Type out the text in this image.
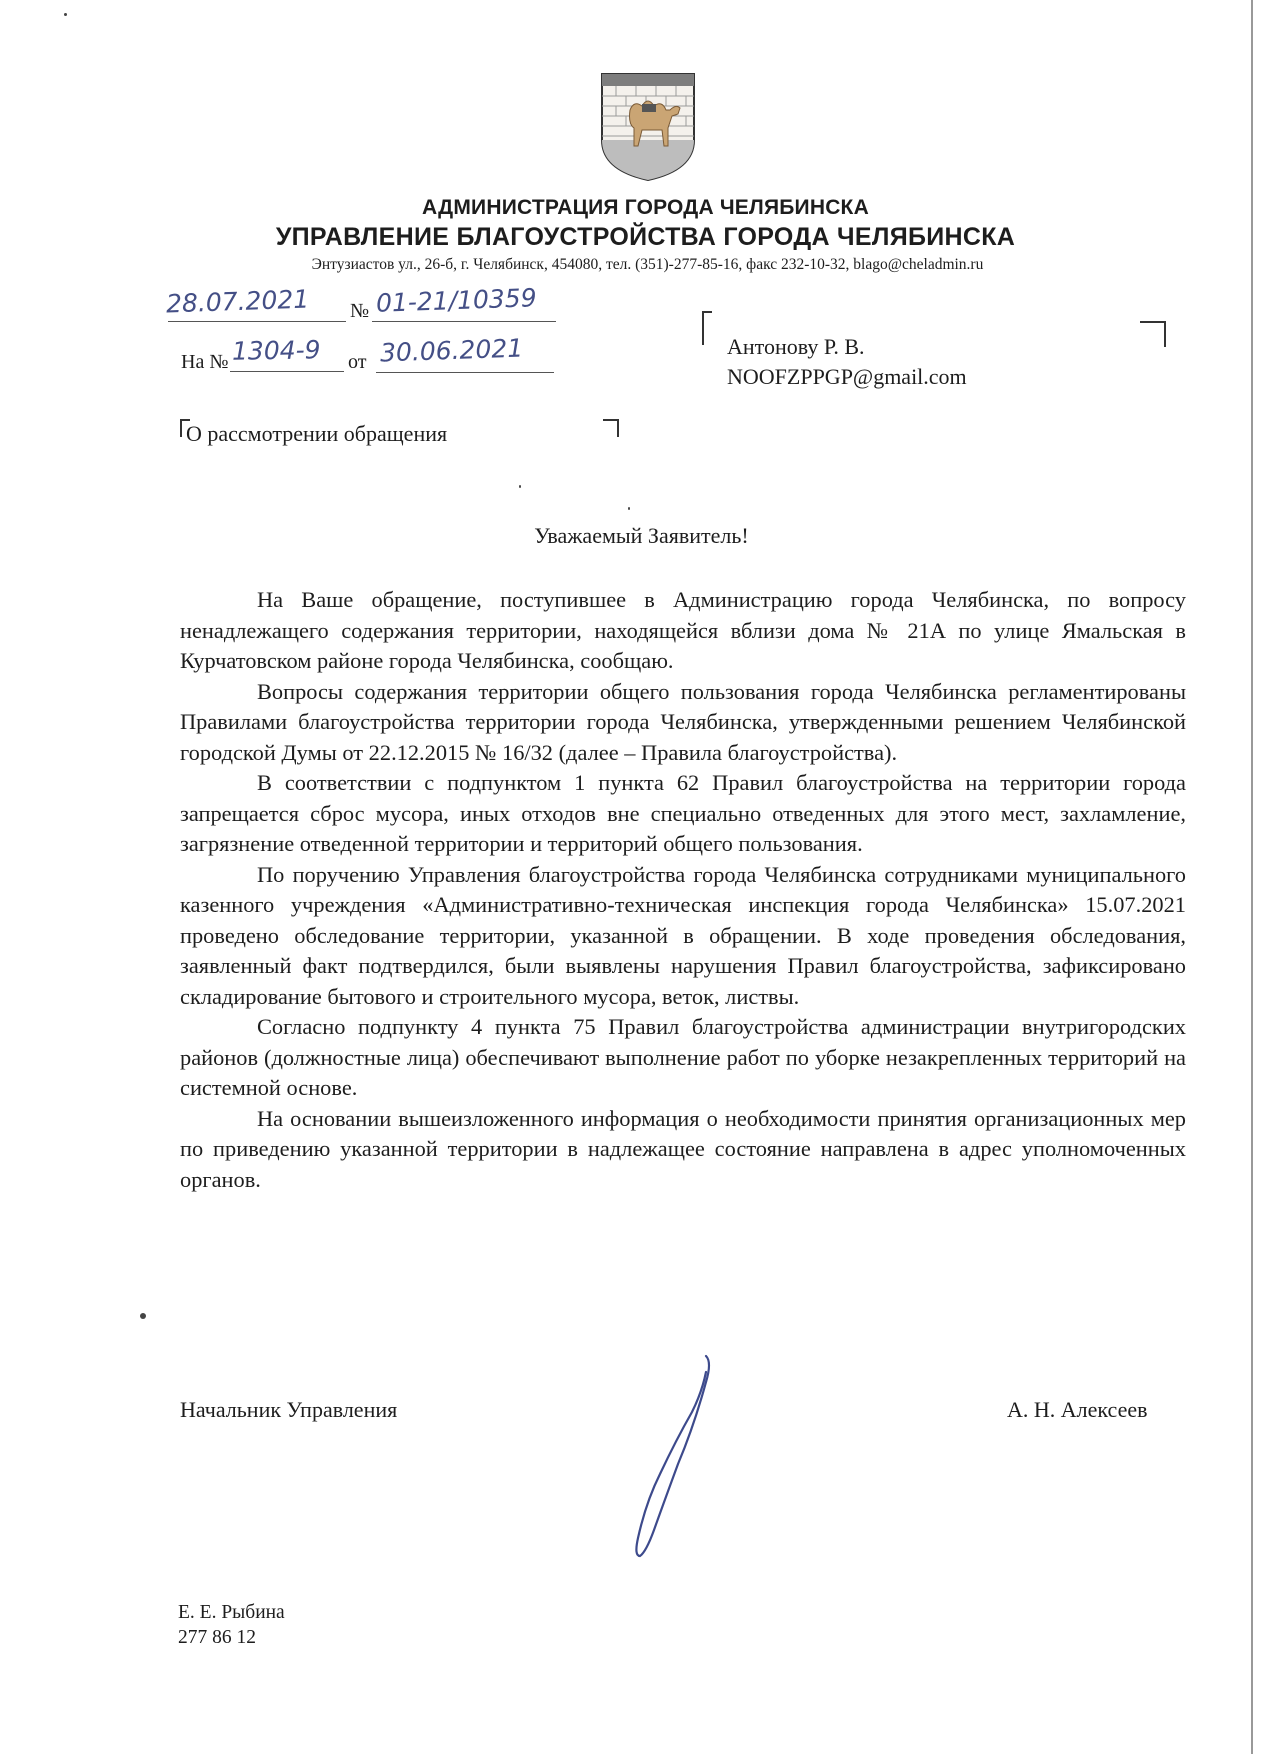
АДМИНИСТРАЦИЯ ГОРОДА ЧЕЛЯБИНСКА
УПРАВЛЕНИЕ БЛАГОУСТРОЙСТВА ГОРОДА ЧЕЛЯБИНСКА
Энтузиастов ул., 26-б, г. Челябинск, 454080, тел. (351)-277-85-16, факс 232-10-32, blago@cheladmin.ru
28.07.2021 № 01-21/10359
На № 1304-9 от 30.06.2021	Антонову Р. В.
NOOFZPPGP@gmail.com
О рассмотрении обращения
Уважаемый Заявитель!

На Ваше обращение, поступившее в Администрацию города Челябинска, по вопросу ненадлежащего содержания территории, находящейся вблизи дома № 21А по улице Ямальская в Курчатовском районе города Челябинска, сообщаю.

Вопросы содержания территории общего пользования города Челябинска регламентированы Правилами благоустройства территории города Челябинска, утвержденными решением Челябинской городской Думы от 22.12.2015 № 16/32 (далее – Правила благоустройства).

В соответствии с подпунктом 1 пункта 62 Правил благоустройства на территории города запрещается сброс мусора, иных отходов вне специально отведенных для этого мест, захламление, загрязнение отведенной территории и территорий общего пользования.

По поручению Управления благоустройства города Челябинска сотрудниками муниципального казенного учреждения «Административно-техническая инспекция города Челябинска» 15.07.2021 проведено обследование территории, указанной в обращении. В ходе проведения обследования, заявленный факт подтвердился, были выявлены нарушения Правил благоустройства, зафиксировано складирование бытового и строительного мусора, веток, листвы.

Согласно подпункту 4 пункта 75 Правил благоустройства администрации внутригородских районов (должностные лица) обеспечивают выполнение работ по уборке незакрепленных территорий на системной основе.

На основании вышеизложенного информация о необходимости принятия организационных мер по приведению указанной территории в надлежащее состояние направлена в адрес уполномоченных органов.

Начальник Управления	А. Н. Алексеев
Е. Е. Рыбина
277 86 12
